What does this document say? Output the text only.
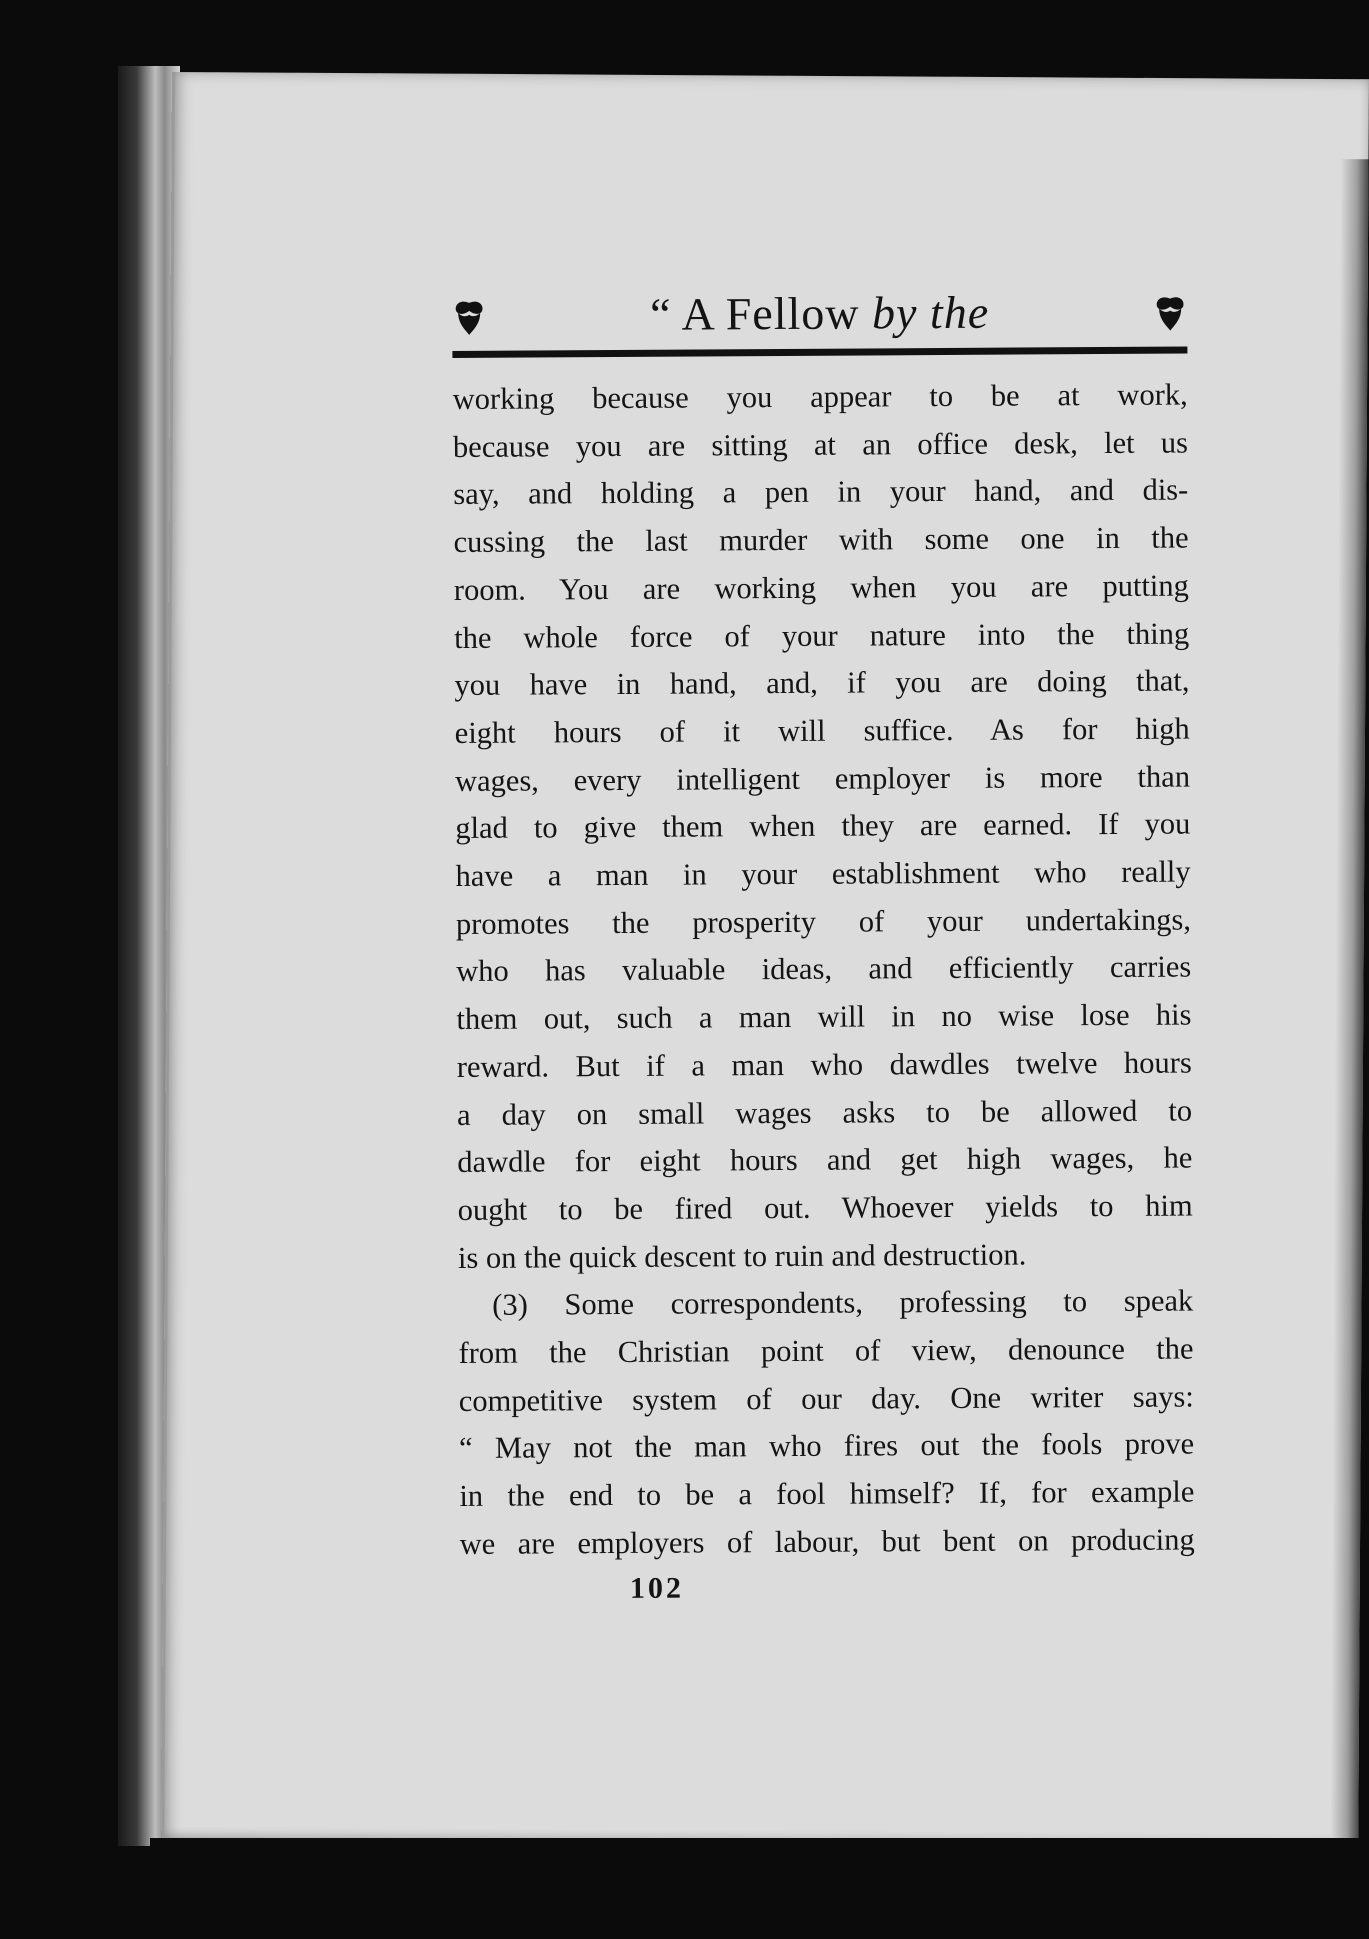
“ A Fellow by the
working because you appear to be at work,
because you are sitting at an office desk, let us
say, and holding a pen in your hand, and dis-
cussing the last murder with some one in the
room. You are working when you are putting
the whole force of your nature into the thing
you have in hand, and, if you are doing that,
eight hours of it will suffice. As for high
wages, every intelligent employer is more than
glad to give them when they are earned. If you
have a man in your establishment who really
promotes the prosperity of your undertakings,
who has valuable ideas, and efficiently carries
them out, such a man will in no wise lose his
reward. But if a man who dawdles twelve hours
a day on small wages asks to be allowed to
dawdle for eight hours and get high wages, he
ought to be fired out. Whoever yields to him
is on the quick descent to ruin and destruction.
(3) Some correspondents, professing to speak
from the Christian point of view, denounce the
competitive system of our day. One writer says:
“ May not the man who fires out the fools prove
in the end to be a fool himself? If, for example
we are employers of labour, but bent on producing
102
